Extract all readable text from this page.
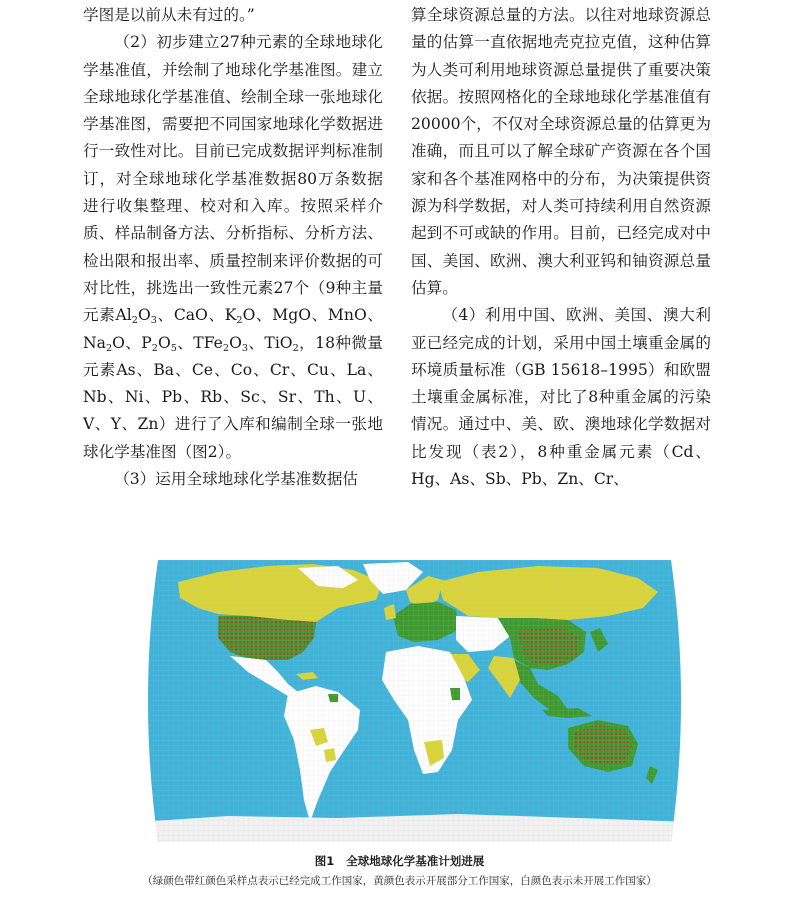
学图是以前从未有过的。”

（2）初步建立27种元素的全球地球化学基准值，并绘制了地球化学基准图。建立全球地球化学基准值、绘制全球一张地球化学基准图，需要把不同国家地球化学数据进行一致性对比。目前已完成数据评判标准制订，对全球地球化学基准数据80万条数据进行收集整理、校对和入库。按照采样介质、样品制备方法、分析指标、分析方法、检出限和报出率、质量控制来评价数据的可对比性，挑选出一致性元素27个（9种主量元素$Al_2O_3$、CaO、$K_2O$、MgO、MnO、$Na_2O$、$P_2O_5$、$TFe_2O_3$、TiO$_2$，18种微量元素As、Ba、Ce、Co、Cr、Cu、La、Nb、Ni、Pb、Rb、Sc、Sr、Th、U、V、Y、Zn）进行了入库和编制全球一张地球化学基准图（图2）。

（3）运用全球地球化学基准数据估

算全球资源总量的方法。以往对地球资源总量的估算一直依据地壳克拉克值，这种估算为人类可利用地球资源总量提供了重要决策依据。按照网格化的全球地球化学基准值有20000个，不仅对全球资源总量的估算更为准确，而且可以了解全球矿产资源在各个国家和各个基准网格中的分布，为决策提供资源为科学数据，对人类可持续利用自然资源起到不可或缺的作用。目前，已经完成对中国、美国、欧洲、澳大利亚钨和铀资源总量估算。

（4）利用中国、欧洲、美国、澳大利亚已经完成的计划，采用中国土壤重金属的环境质量标准（GB 15618–1995）和欧盟土壤重金属标准，对比了8种重金属的污染情况。通过中、美、欧、澳地球化学数据对比发现（表2），8种重金属元素（Cd、Hg、As、Sb、Pb、Zn、Cr、

图1 全球地球化学基准计划进展
（绿颜色带红颜色采样点表示已经完成工作国家，黄颜色表示开展部分工作国家，白颜色表示未开展工作国家）
